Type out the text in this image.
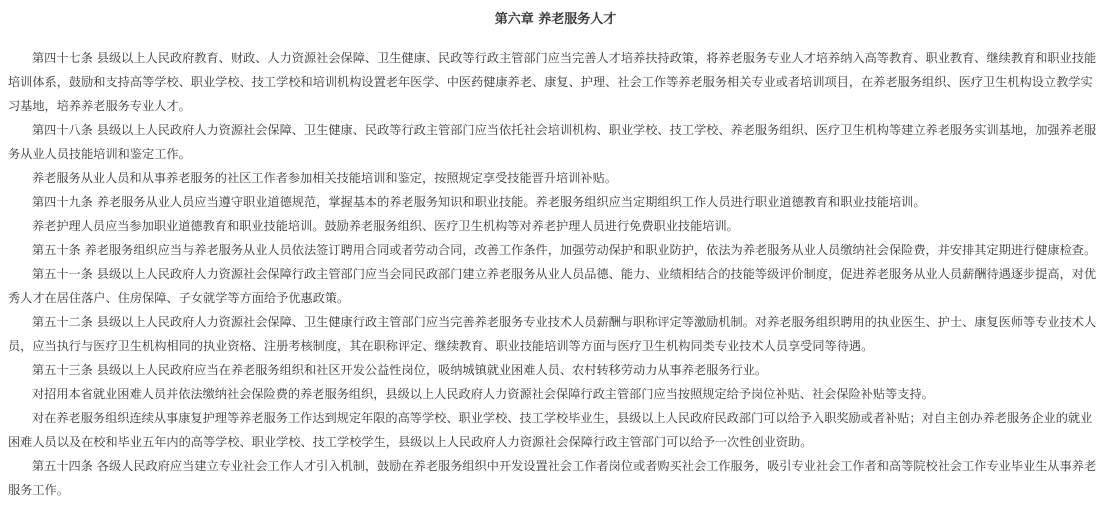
第六章 养老服务人才

第四十七条 县级以上人民政府教育、财政、人力资源社会保障、卫生健康、民政等行政主管部门应当完善人才培养扶持政策，将养老服务专业人才培养纳入高等教育、职业教育、继续教育和职业技能培训体系，鼓励和支持高等学校、职业学校、技工学校和培训机构设置老年医学、中医药健康养老、康复、护理、社会工作等养老服务相关专业或者培训项目，在养老服务组织、医疗卫生机构设立教学实习基地，培养养老服务专业人才。

第四十八条 县级以上人民政府人力资源社会保障、卫生健康、民政等行政主管部门应当依托社会培训机构、职业学校、技工学校、养老服务组织、医疗卫生机构等建立养老服务实训基地，加强养老服务从业人员技能培训和鉴定工作。

养老服务从业人员和从事养老服务的社区工作者参加相关技能培训和鉴定，按照规定享受技能晋升培训补贴。

第四十九条 养老服务从业人员应当遵守职业道德规范，掌握基本的养老服务知识和职业技能。养老服务组织应当定期组织工作人员进行职业道德教育和职业技能培训。

养老护理人员应当参加职业道德教育和职业技能培训。鼓励养老服务组织、医疗卫生机构等对养老护理人员进行免费职业技能培训。

第五十条 养老服务组织应当与养老服务从业人员依法签订聘用合同或者劳动合同，改善工作条件，加强劳动保护和职业防护，依法为养老服务从业人员缴纳社会保险费，并安排其定期进行健康检查。

第五十一条 县级以上人民政府人力资源社会保障行政主管部门应当会同民政部门建立养老服务从业人员品德、能力、业绩相结合的技能等级评价制度，促进养老服务从业人员薪酬待遇逐步提高，对优秀人才在居住落户、住房保障、子女就学等方面给予优惠政策。

第五十二条 县级以上人民政府人力资源社会保障、卫生健康行政主管部门应当完善养老服务专业技术人员薪酬与职称评定等激励机制。对养老服务组织聘用的执业医生、护士、康复医师等专业技术人员，应当执行与医疗卫生机构相同的执业资格、注册考核制度，其在职称评定、继续教育、职业技能培训等方面与医疗卫生机构同类专业技术人员享受同等待遇。

第五十三条 县级以上人民政府应当在养老服务组织和社区开发公益性岗位，吸纳城镇就业困难人员、农村转移劳动力从事养老服务行业。

对招用本省就业困难人员并依法缴纳社会保险费的养老服务组织，县级以上人民政府人力资源社会保障行政主管部门应当按照规定给予岗位补贴、社会保险补贴等支持。

对在养老服务组织连续从事康复护理等养老服务工作达到规定年限的高等学校、职业学校、技工学校毕业生，县级以上人民政府民政部门可以给予入职奖励或者补贴；对自主创办养老服务企业的就业困难人员以及在校和毕业五年内的高等学校、职业学校、技工学校学生，县级以上人民政府人力资源社会保障行政主管部门可以给予一次性创业资助。

第五十四条 各级人民政府应当建立专业社会工作人才引入机制，鼓励在养老服务组织中开发设置社会工作者岗位或者购买社会工作服务，吸引专业社会工作者和高等院校社会工作专业毕业生从事养老服务工作。
